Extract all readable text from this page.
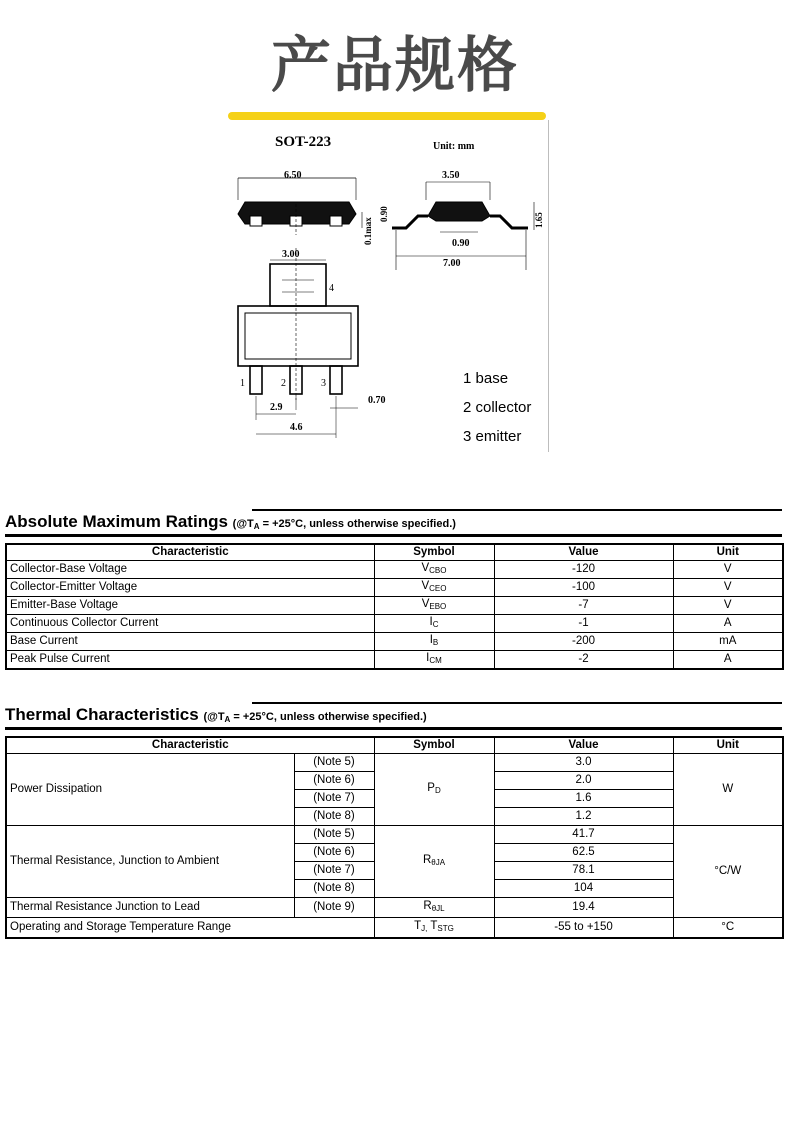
产品规格
SOT-223	Unit: mm
6.50
0.1max
0.90
3.50
1.65
0.90
7.00
3.00
4
1	2	3
2.9
4.6
0.70
1 base
2 collector
3 emitter
Absolute Maximum Ratings ($@T_A = +25^\circ C$, unless otherwise specified.)
Characteristic	Symbol	Value	Unit
Collector-Base Voltage	$V_{CBO}$	-120	V
Collector-Emitter Voltage	$V_{CEO}$	-100	V
Emitter-Base Voltage	$V_{EBO}$	-7	V
Continuous Collector Current	$I_C$	-1	A
Base Current	$I_B$	-200	mA
Peak Pulse Current	$I_{CM}$	-2	A
Thermal Characteristics ($@T_A = +25^\circ C$, unless otherwise specified.)
Characteristic		Symbol	Value	Unit
Power Dissipation	(Note 5)	$P_D$	3.0	W
	(Note 6)		2.0	
	(Note 7)		1.6	
	(Note 8)		1.2	
Thermal Resistance, Junction to Ambient	(Note 5)	$R_{\theta JA}$	41.7	°C/W
	(Note 6)		62.5	
	(Note 7)		78.1	
	(Note 8)		104	
Thermal Resistance Junction to Lead	(Note 9)	$R_{\theta JL}$	19.4	
Operating and Storage Temperature Range		$T_{J,}$ $T_{STG}$	-55 to +150	°C
